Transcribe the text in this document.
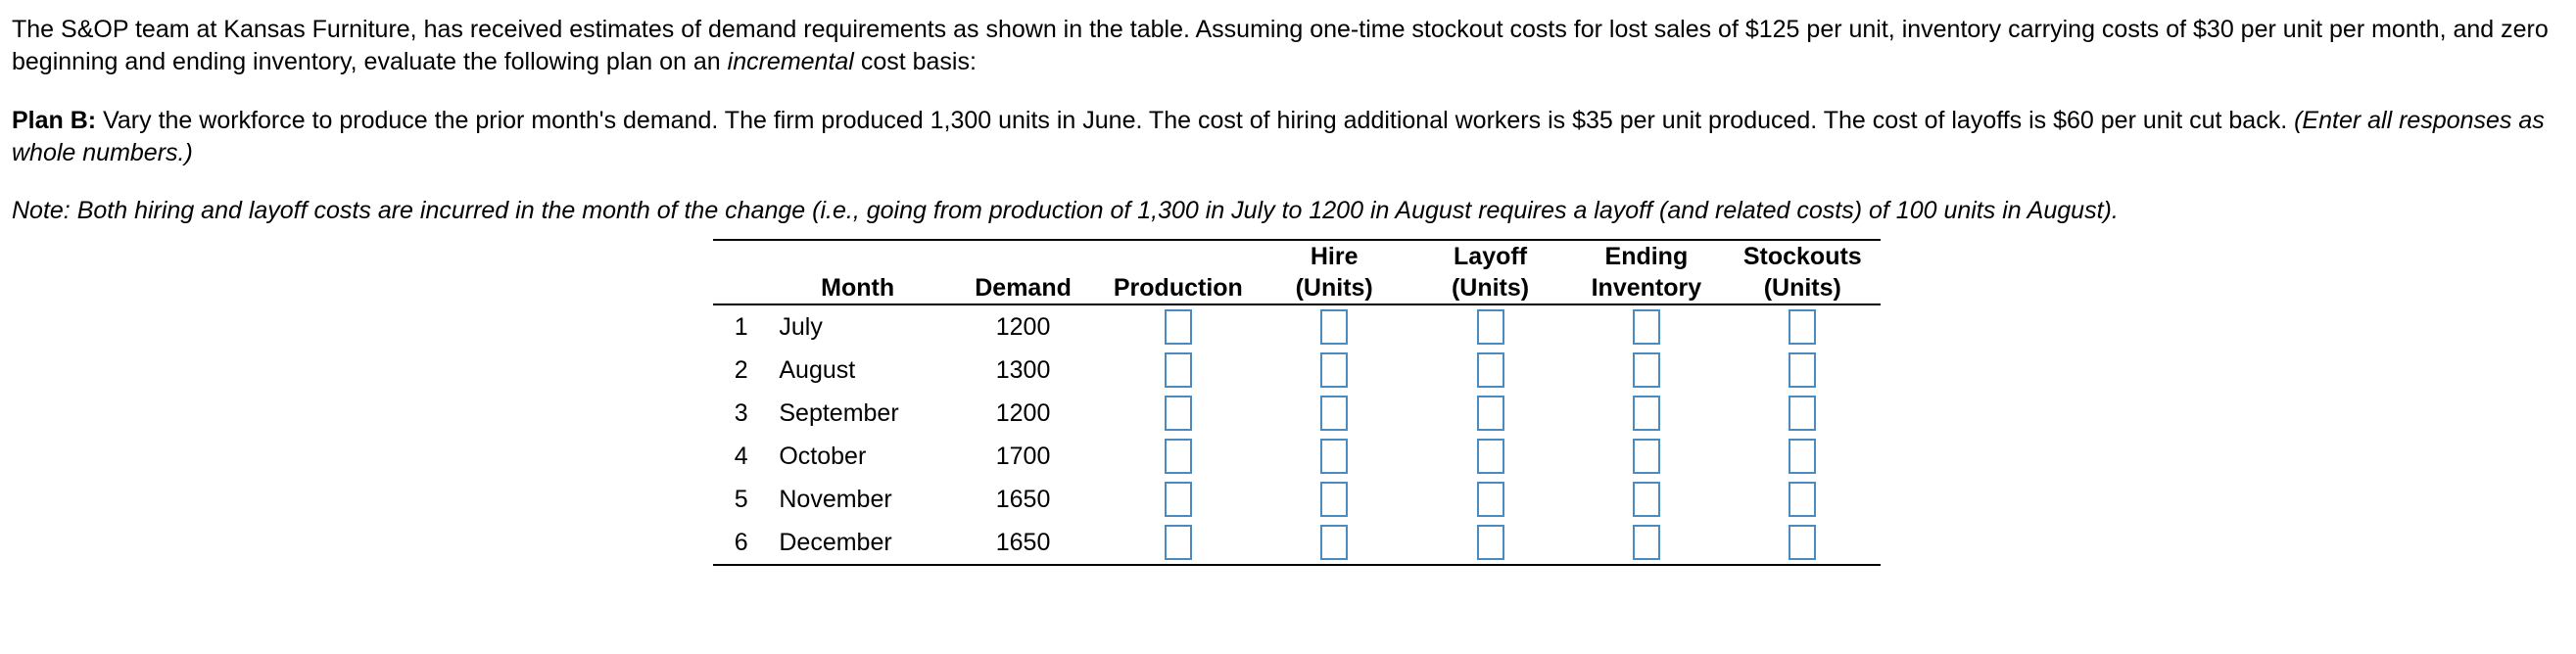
The S&OP team at Kansas Furniture, has received estimates of demand requirements as shown in the table. Assuming one-time stockout costs for lost sales of $125 per unit, inventory carrying costs of $30 per unit per month, and zero beginning and ending inventory, evaluate the following plan on an incremental cost basis:

Plan B: Vary the workforce to produce the prior month's demand. The firm produced 1,300 units in June. The cost of hiring additional workers is $35 per unit produced. The cost of layoffs is $60 per unit cut back. (Enter all responses as whole numbers.)

Note: Both hiring and layoff costs are incurred in the month of the change (i.e., going from production of 1,300 in July to 1200 in August requires a layoff (and related costs) of 100 units in August).

				Hire	Layoff	Ending	Stockouts
	Month	Demand	Production	(Units)	(Units)	Inventory	(Units)
1	July	1200					
2	August	1300					
3	September	1200					
4	October	1700					
5	November	1650					
6	December	1650					
